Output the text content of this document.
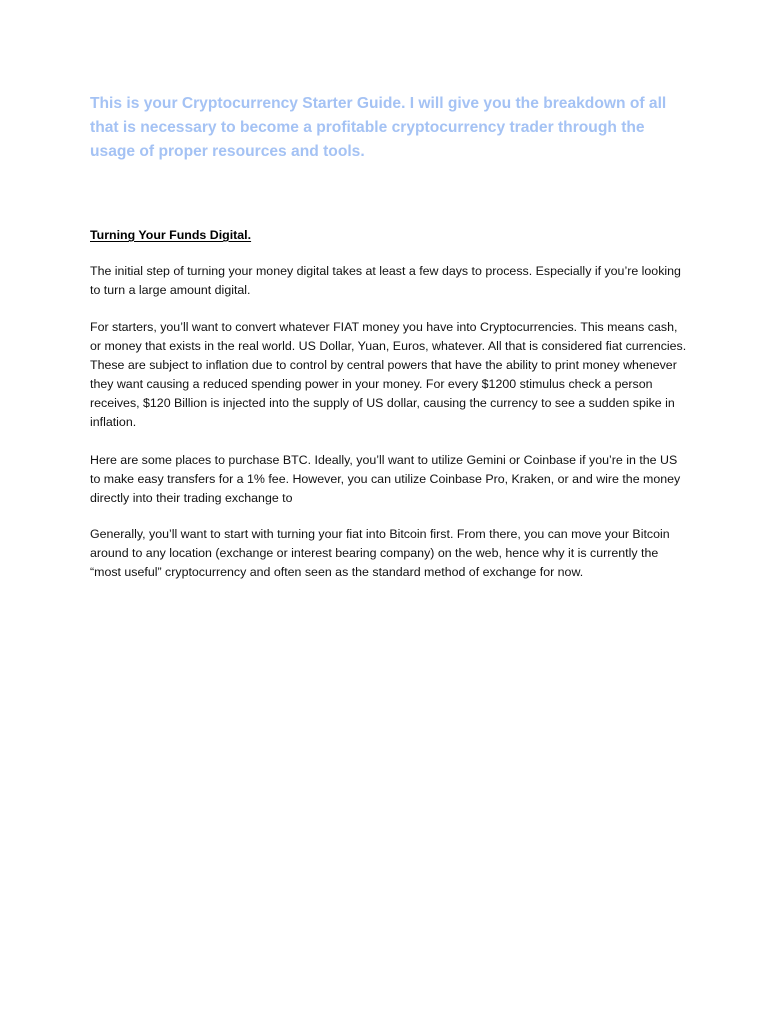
This is your Cryptocurrency Starter Guide. I will give you the breakdown of all that is necessary to become a profitable cryptocurrency trader through the usage of proper resources and tools.

Turning Your Funds Digital.

The initial step of turning your money digital takes at least a few days to process. Especially if you’re looking to turn a large amount digital.

For starters, you’ll want to convert whatever FIAT money you have into Cryptocurrencies. This means cash, or money that exists in the real world. US Dollar, Yuan, Euros, whatever. All that is considered fiat currencies. These are subject to inflation due to control by central powers that have the ability to print money whenever they want causing a reduced spending power in your money. For every $1200 stimulus check a person receives, $120 Billion is injected into the supply of US dollar, causing the currency to see a sudden spike in inflation.

Here are some places to purchase BTC. Ideally, you’ll want to utilize Gemini or Coinbase if you’re in the US to make easy transfers for a 1% fee. However, you can utilize Coinbase Pro, Kraken, or and wire the money directly into their trading exchange to

Generally, you’ll want to start with turning your fiat into Bitcoin first. From there, you can move your Bitcoin around to any location (exchange or interest bearing company) on the web, hence why it is currently the “most useful” cryptocurrency and often seen as the standard method of exchange for now.
